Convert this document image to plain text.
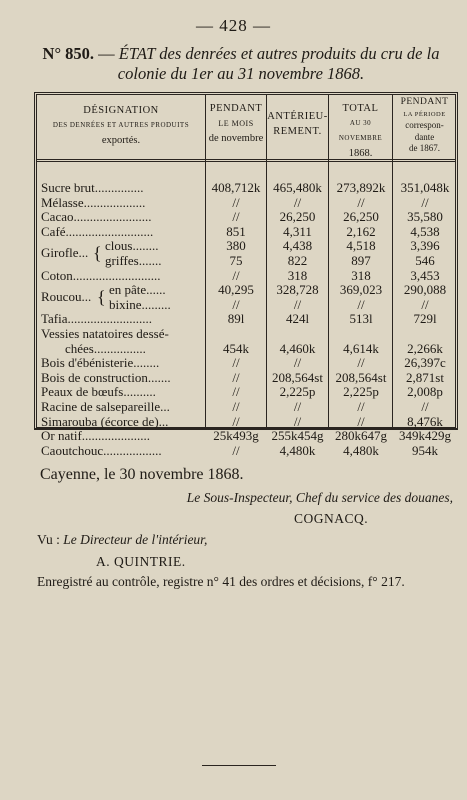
— 428 —
N° 850. — ÉTAT des denrées et autres produits du cru de la
colonie du 1er au 31 novembre 1868.
DÉSIGNATION
DES DENRÉES ET AUTRES PRODUITS
exportés.
PENDANT
LE MOIS
de novembre
ANTÉRIEU-
REMENT.
TOTAL
AU 30 NOVEMBRE
1868.
PENDANT
LA PÉRIODE
correspon-
dante
de 1867.
Sucre brut...............	408,712k 465,480k	273,892k	351,048k
Mélasse...................	//	//	//	//
Cacao........................	//	26,250	26,250	35,580
Café...........................	851	4,311	2,162	4,538
clous........
Girofle... {	380	4,438	4,518	3,396
griffes.......	75	822	897	546
Coton...........................	//	318	318	3,453
en pâte......
Roucou... {	40,295	328,728	369,023	290,088
bixine.........	//	//	//	//
Tafia..........................	89l	424l	513l	729l
Vessies natatoires dessé-
chées................	454k	4,460k	4,614k	2,266k
Bois d'ébénisterie........	//	//	//	26,397c
Bois de construction.......	//	208,564st 208,564st	2,871st
Peaux de bœufs..........	//	2,225p	2,225p	2,008p
Racine de salsepareille...	//	//	//	//
Simarouba (écorce de)...	//	//	//	8,476k
Or natif.....................	25k493g 255k454g 280k647g 349k429g
Caoutchouc..................	//	4,480k	4,480k	954k
Cayenne, le 30 novembre 1868.
Le Sous-Inspecteur, Chef du service des douanes,
COGNACQ.
Vu : Le Directeur de l'intérieur,
A. QUINTRIE.
Enregistré au contrôle, registre n° 41 des ordres et décisions, f° 217.
